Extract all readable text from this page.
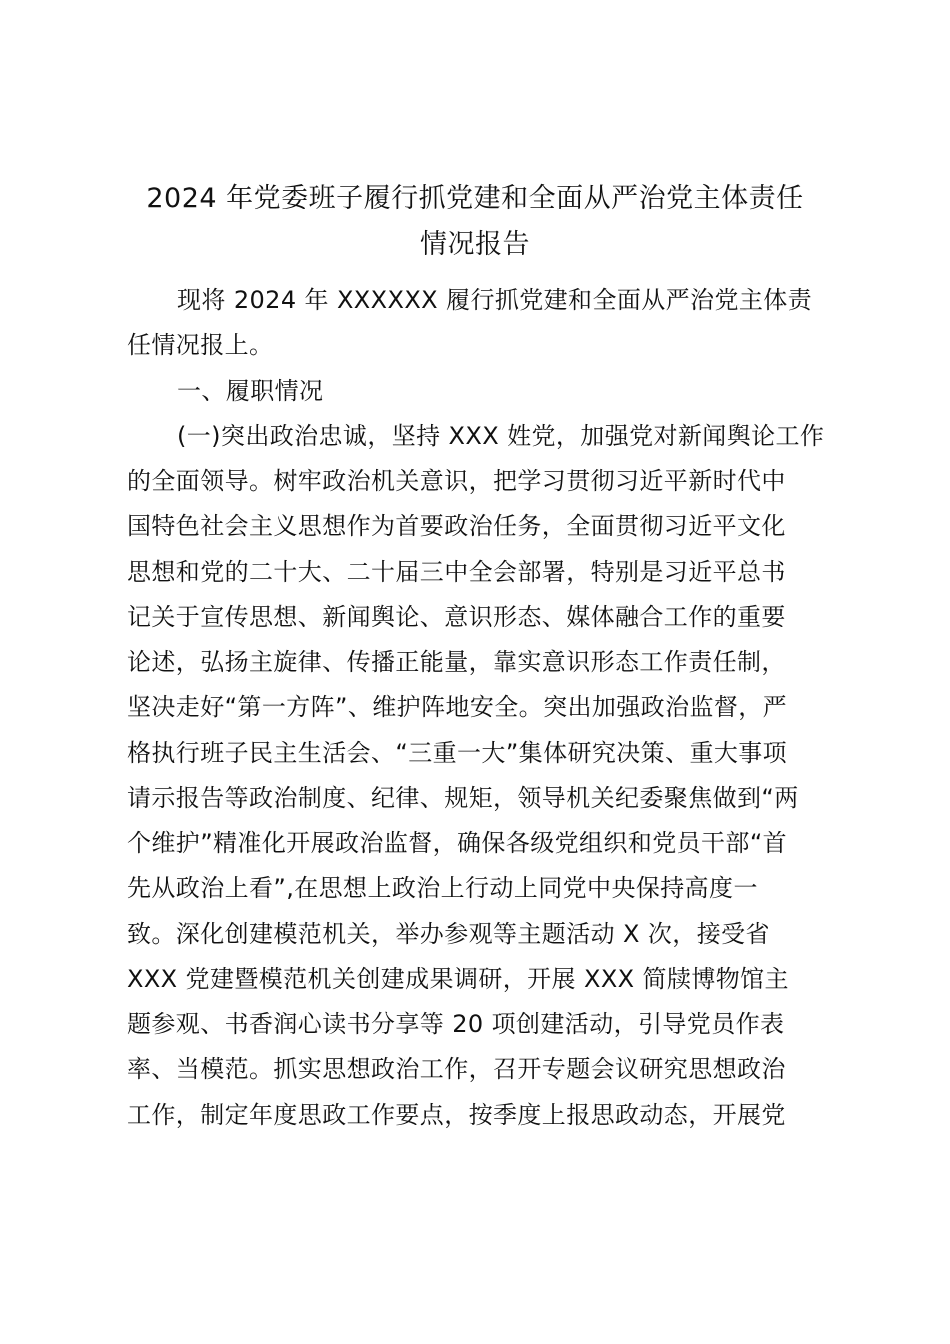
2024 年党委班子履行抓党建和全面从严治党主体责任
情况报告
现将 2024 年 XXXXXX 履行抓党建和全面从严治党主体责
任情况报上。
一、履职情况
(一)突出政治忠诚，坚持 XXX 姓党，加强党对新闻舆论工作
的全面领导。树牢政治机关意识，把学习贯彻习近平新时代中
国特色社会主义思想作为首要政治任务，全面贯彻习近平文化
思想和党的二十大、二十届三中全会部署，特别是习近平总书
记关于宣传思想、新闻舆论、意识形态、媒体融合工作的重要
论述，弘扬主旋律、传播正能量，靠实意识形态工作责任制，
坚决走好“第一方阵”、维护阵地安全。突出加强政治监督，严
格执行班子民主生活会、“三重一大”集体研究决策、重大事项
请示报告等政治制度、纪律、规矩，领导机关纪委聚焦做到“两
个维护”精准化开展政治监督，确保各级党组织和党员干部“首
先从政治上看”,在思想上政治上行动上同党中央保持高度一
致。深化创建模范机关，举办参观等主题活动 X 次，接受省
XXX 党建暨模范机关创建成果调研，开展 XXX 简牍博物馆主
题参观、书香润心读书分享等 20 项创建活动，引导党员作表
率、当模范。抓实思想政治工作，召开专题会议研究思想政治
工作，制定年度思政工作要点，按季度上报思政动态，开展党
